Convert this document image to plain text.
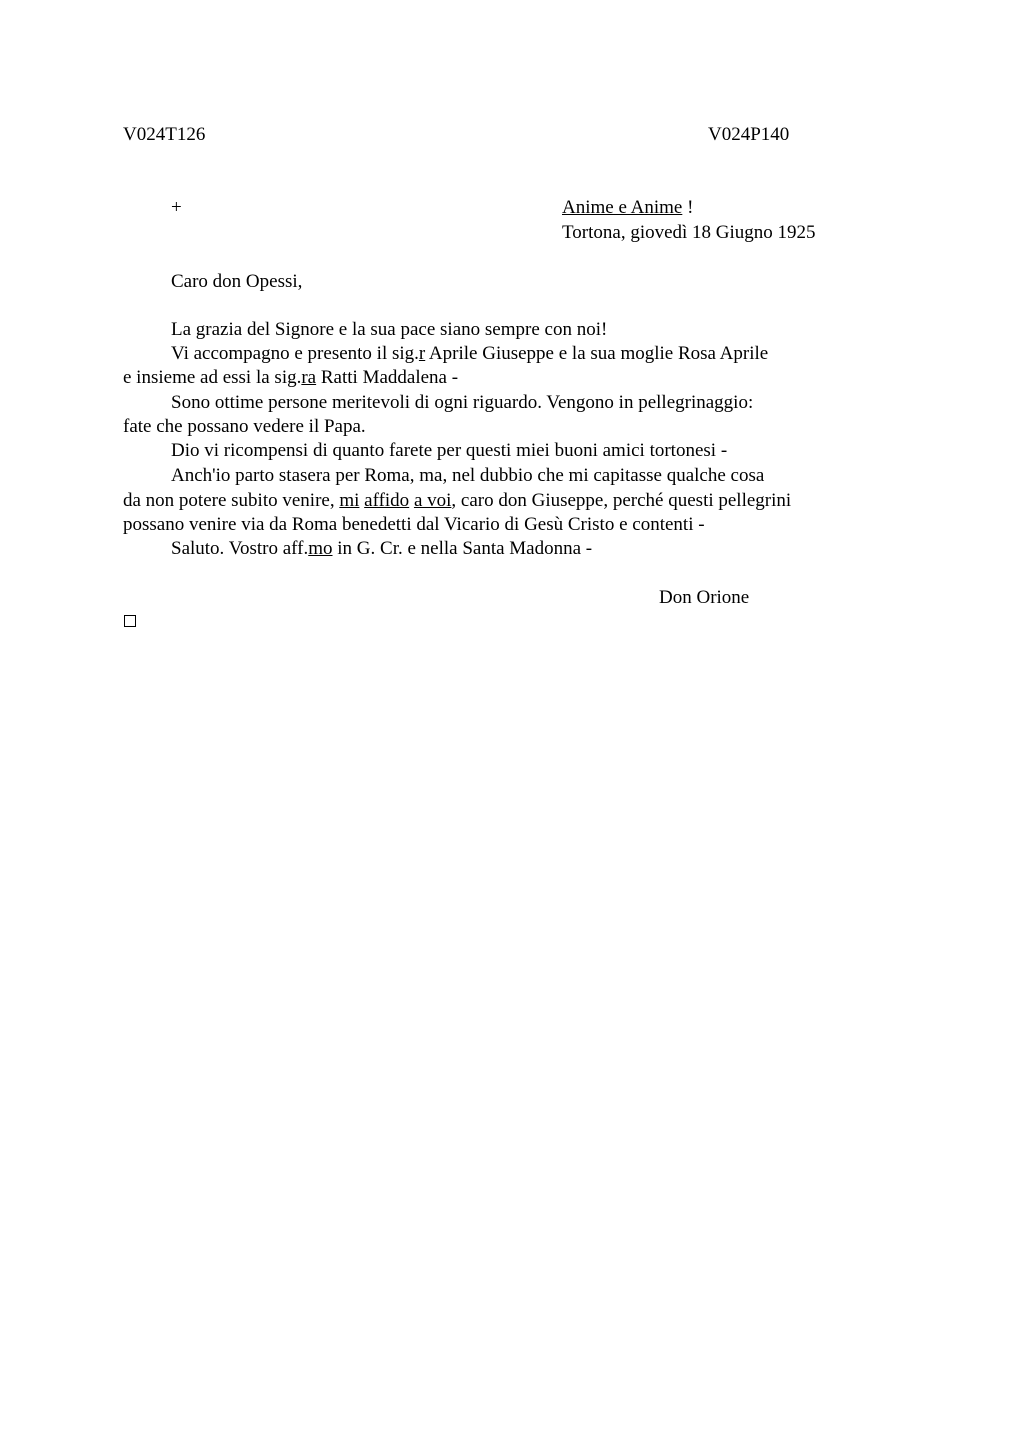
V024T126	V024P140
+	Anime e Anime !
Tortona, giovedì 18 Giugno 1925
Caro don Opessi,
La grazia del Signore e la sua pace siano sempre con noi!
Vi accompagno e presento il sig.r Aprile Giuseppe e la sua moglie Rosa Aprile
e insieme ad essi la sig.ra Ratti Maddalena -
Sono ottime persone meritevoli di ogni riguardo. Vengono in pellegrinaggio:
fate che possano vedere il Papa.
Dio vi ricompensi di quanto farete per questi miei buoni amici tortonesi -
Anch'io parto stasera per Roma, ma, nel dubbio che mi capitasse qualche cosa
da non potere subito venire, mi affido a voi, caro don Giuseppe, perché questi pellegrini
possano venire via da Roma benedetti dal Vicario di Gesù Cristo e contenti -
Saluto. Vostro aff.mo in G. Cr. e nella Santa Madonna -
Don Orione
